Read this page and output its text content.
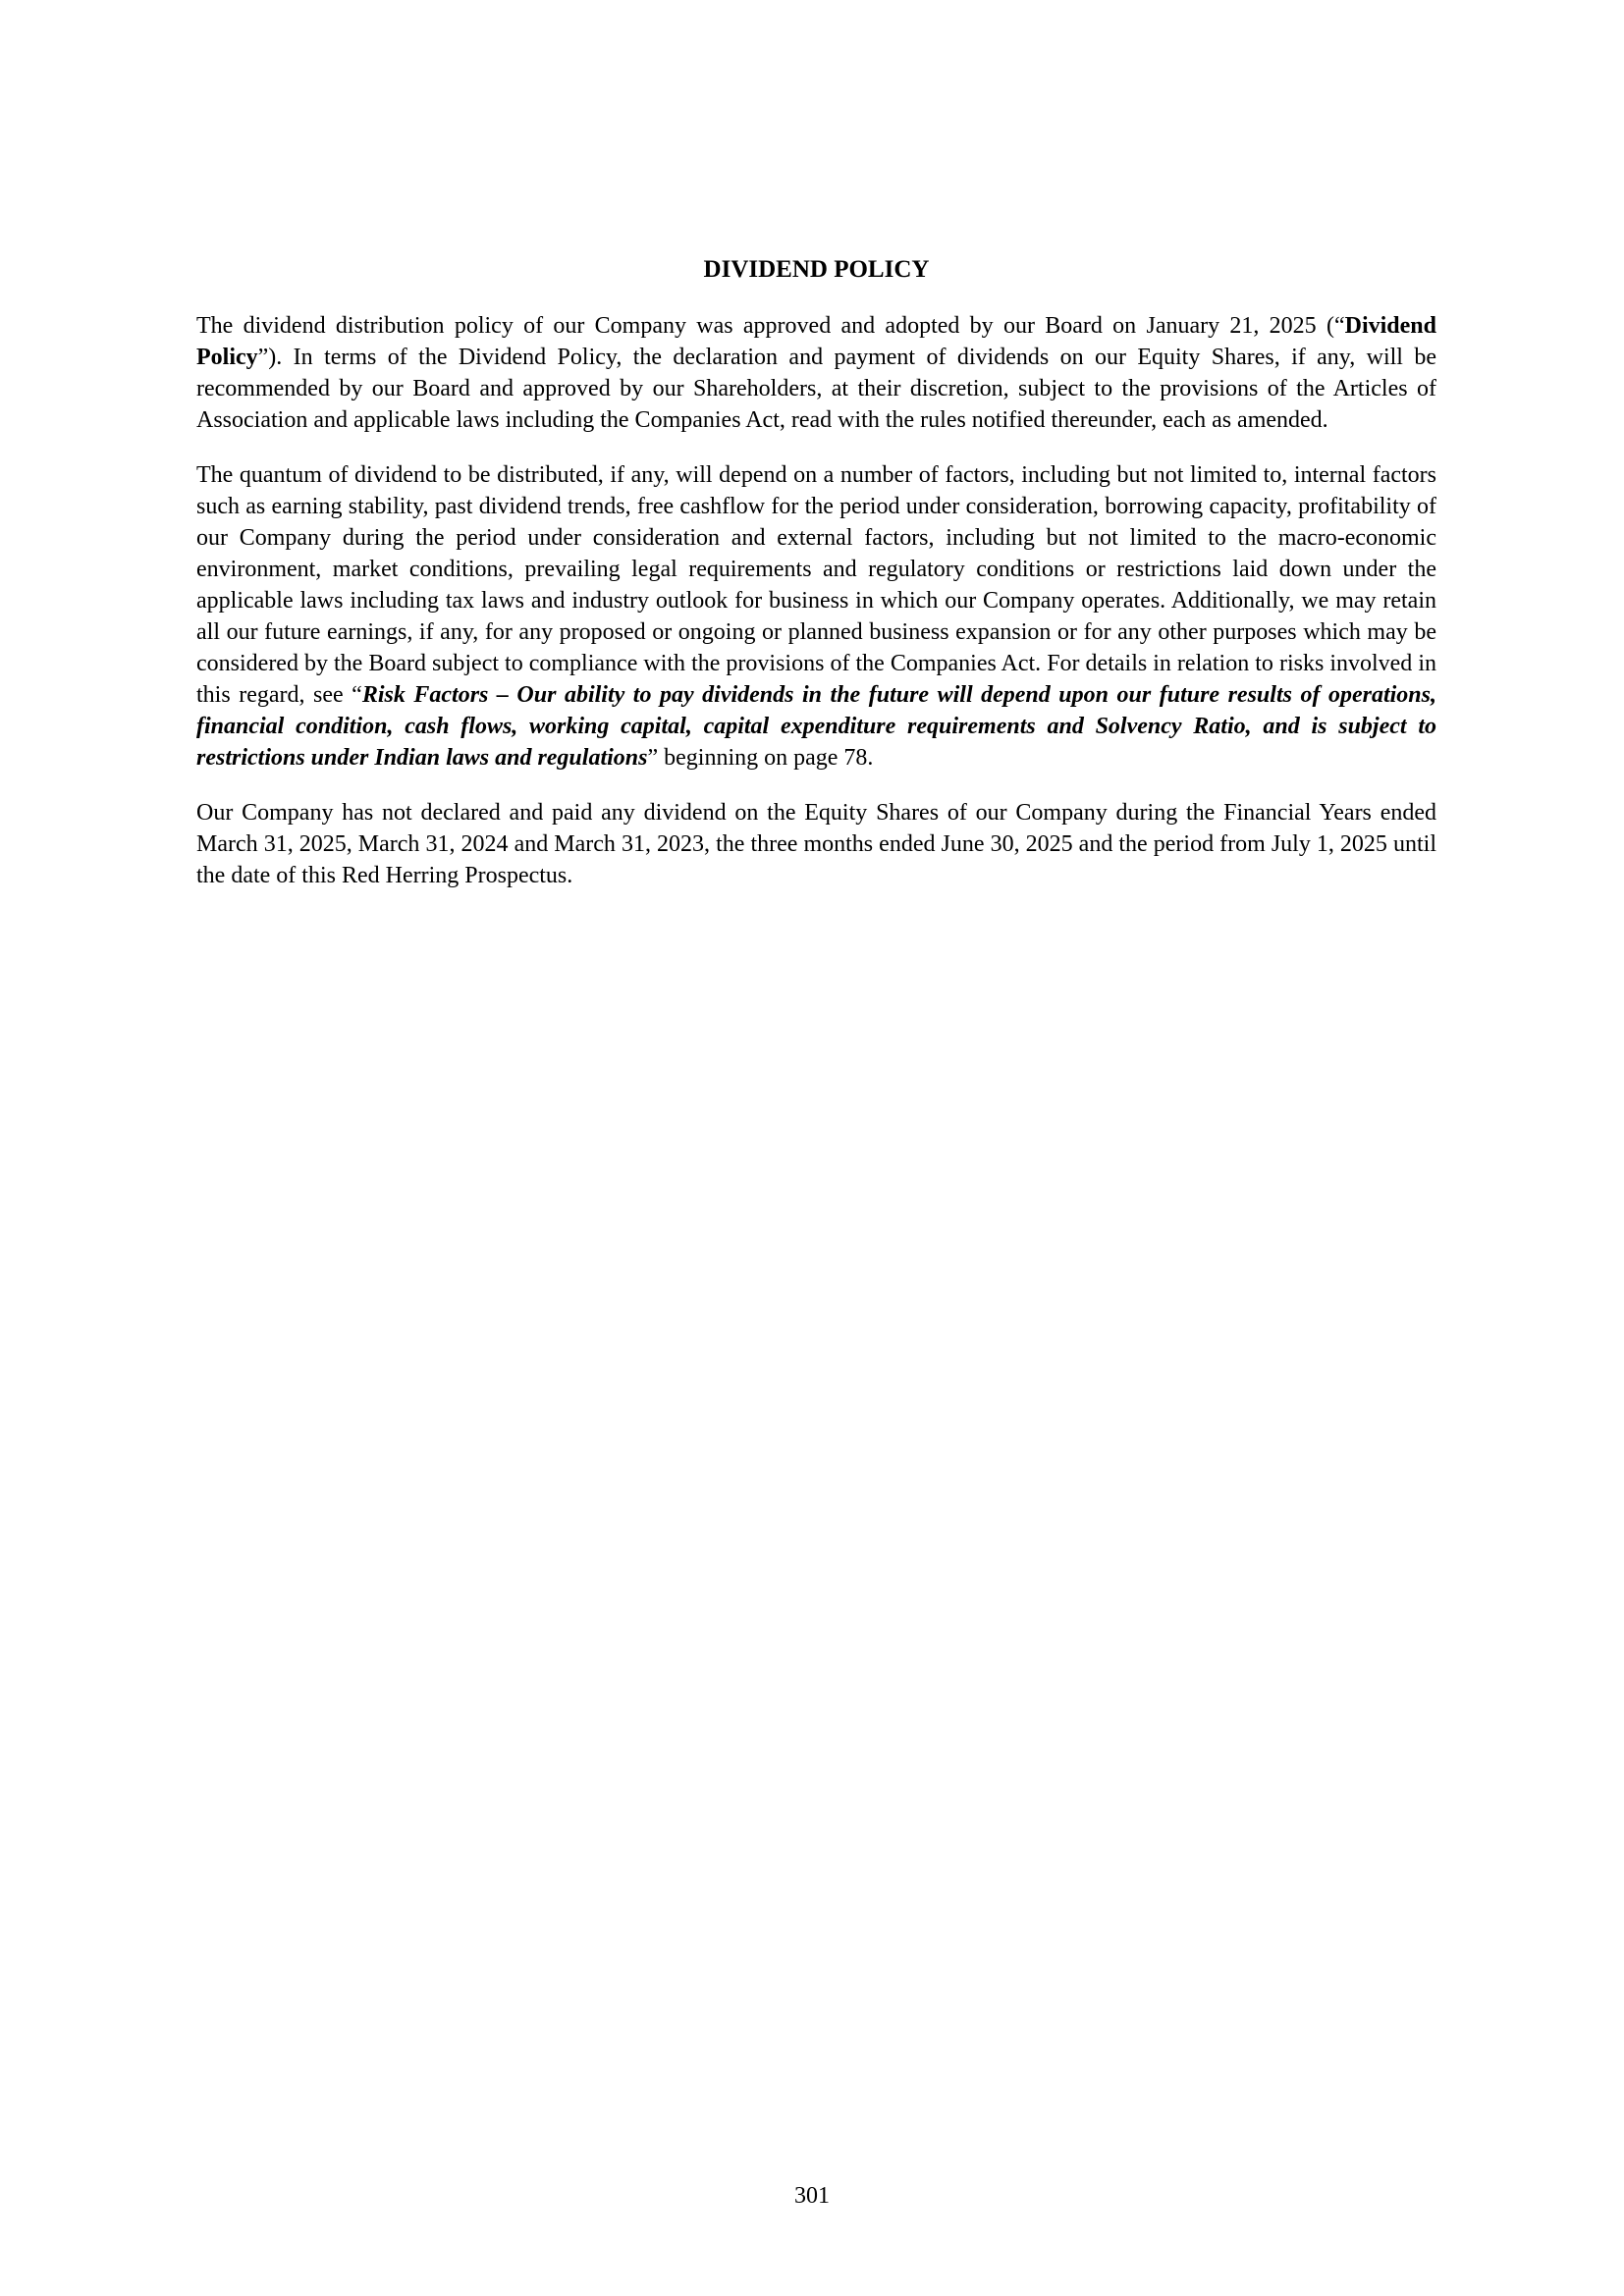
DIVIDEND POLICY

The dividend distribution policy of our Company was approved and adopted by our Board on January 21, 2025 (“Dividend Policy”). In terms of the Dividend Policy, the declaration and payment of dividends on our Equity Shares, if any, will be recommended by our Board and approved by our Shareholders, at their discretion, subject to the provisions of the Articles of Association and applicable laws including the Companies Act, read with the rules notified thereunder, each as amended.

The quantum of dividend to be distributed, if any, will depend on a number of factors, including but not limited to, internal factors such as earning stability, past dividend trends, free cashflow for the period under consideration, borrowing capacity, profitability of our Company during the period under consideration and external factors, including but not limited to the macro-economic environment, market conditions, prevailing legal requirements and regulatory conditions or restrictions laid down under the applicable laws including tax laws and industry outlook for business in which our Company operates. Additionally, we may retain all our future earnings, if any, for any proposed or ongoing or planned business expansion or for any other purposes which may be considered by the Board subject to compliance with the provisions of the Companies Act. For details in relation to risks involved in this regard, see “Risk Factors – Our ability to pay dividends in the future will depend upon our future results of operations, financial condition, cash flows, working capital, capital expenditure requirements and Solvency Ratio, and is subject to restrictions under Indian laws and regulations” beginning on page 78.

Our Company has not declared and paid any dividend on the Equity Shares of our Company during the Financial Years ended March 31, 2025, March 31, 2024 and March 31, 2023, the three months ended June 30, 2025 and the period from July 1, 2025 until the date of this Red Herring Prospectus.

301
